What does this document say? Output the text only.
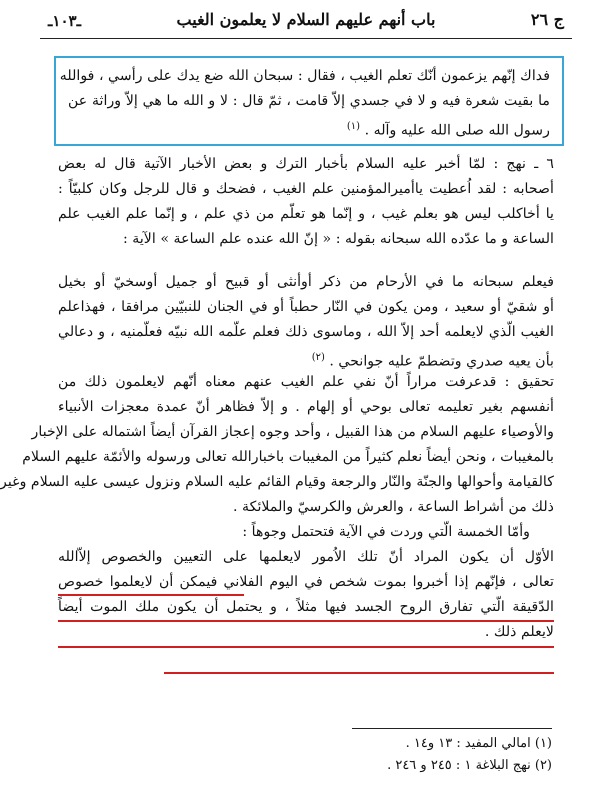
ـ١٠٣ـ	باب أنهم عليهم السلام لا يعلمون الغيب	ج ٢٦
فداك إنّهم يزعمون أنّك تعلم الغيب ، فقال : سبحان الله ضع يدك على رأسي ، فوالله
ما بقيت شعرة فيه و لا في جسدي إلاّ قامت ، ثمّ قال : لا و الله ما هي إلاّ وراثة عن
رسول الله صلى الله عليه وآله . $^{(١)}$
٦ ـ نهج : لمّا أخبر عليه السلام بأخبار الترك و بعض الأخبار الآتية قال له بعض
أصحابه : لقد اُعطيت ياأميرالمؤمنين علم الغيب ، فضحك و قال للرجل وكان كلبيّاً :
يا أخاكلب ليس هو بعلم غيب ، و إنّما هو تعلّم من ذي علم ، و إنّما علم الغيب علم
الساعة و ما عدّده الله سبحانه بقوله : « إنّ الله عنده علم الساعة » الآية :
فيعلم سبحانه ما في الأرحام من ذكر أوأنثى أو قبيح أو جميل أوسخيّ أو بخيل
أو شقيّ أو سعيد ، ومن يكون في النّار حطباً أو في الجنان للنبيّين مرافقا ، فهذاعلم
الغيب الّذي لايعلمه أحد إلاّ الله ، وماسوى ذلك فعلم علّمه الله نبيّه فعلّمنيه ، و دعالي
بأن يعيه صدري وتضطمّ عليه جوانحي . $^{(٢)}$
تحقيق : قدعرفت مراراً أنّ نفي علم الغيب عنهم معناه أنّهم لايعلمون ذلك من
أنفسهم بغير تعليمه تعالى بوحي أو إلهام . و إلاّ فظاهر أنّ عمدة معجزات الأنبياء
والأوصياء عليهم السلام من هذا القبيل ، وأحد وجوه إعجاز القرآن أيضاً اشتماله على الإخبار
بالمغيبات ، ونحن أيضاً نعلم كثيراً من المغيبات باخبارالله تعالى ورسوله والأئمّة عليهم السلام
كالقيامة وأحوالها والجنّة والنّار والرجعة وقيام القائم عليه السلام ونزول عيسى عليه السلام وغير
ذلك من أشراط الساعة ، والعرش والكرسيّ والملائكة .
وأمّا الخمسة الّتي وردت في الآية فتحتمل وجوهاً :
الأوّل أن يكون المراد أنّ تلك الاُمور لايعلمها على التعيين والخصوص إلاّالله
تعالى ، فإنّهم إذا أخبروا بموت شخص في اليوم الفلاني فيمكن أن لايعلموا خصوص
الدّقيقة الّتي تفارق الروح الجسد فيها مثلاً ، و يحتمل أن يكون ملك الموت أيضاً
لايعلم ذلك .
(١) امالي المفيد : ١٣ و١٤ .
(٢) نهج البلاغة ١ : ٢٤٥ و ٢٤٦ .
